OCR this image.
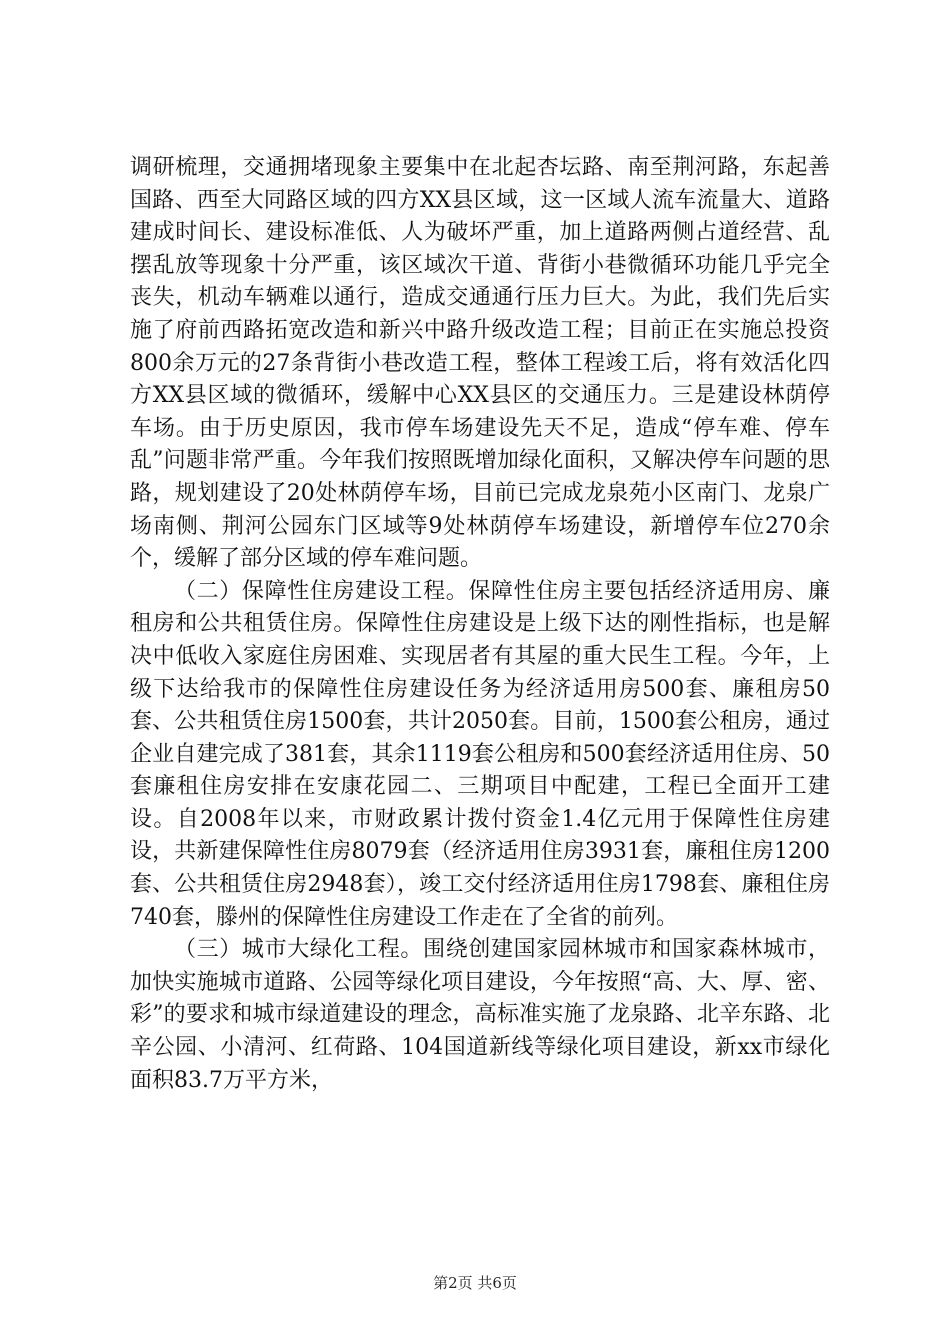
调研梳理，交通拥堵现象主要集中在北起杏坛路、南至荆河路，东起善国路、西至大同路区域的四方XX县区域，这一区域人流车流量大、道路建成时间长、建设标准低、人为破坏严重，加上道路两侧占道经营、乱摆乱放等现象十分严重，该区域次干道、背街小巷微循环功能几乎完全丧失，机动车辆难以通行，造成交通通行压力巨大。为此，我们先后实施了府前西路拓宽改造和新兴中路升级改造工程；目前正在实施总投资800余万元的27条背街小巷改造工程，整体工程竣工后，将有效活化四方XX县区域的微循环，缓解中心XX县区的交通压力。三是建设林荫停车场。由于历史原因，我市停车场建设先天不足，造成“停车难、停车乱”问题非常严重。今年我们按照既增加绿化面积，又解决停车问题的思路，规划建设了20处林荫停车场，目前已完成龙泉苑小区南门、龙泉广场南侧、荆河公园东门区域等9处林荫停车场建设，新增停车位270余个，缓解了部分区域的停车难问题。

（二）保障性住房建设工程。保障性住房主要包括经济适用房、廉租房和公共租赁住房。保障性住房建设是上级下达的刚性指标，也是解决中低收入家庭住房困难、实现居者有其屋的重大民生工程。今年，上级下达给我市的保障性住房建设任务为经济适用房500套、廉租房50套、公共租赁住房1500套，共计2050套。目前，1500套公租房，通过企业自建完成了381套，其余1119套公租房和500套经济适用住房、50套廉租住房安排在安康花园二、三期项目中配建，工程已全面开工建设。自2008年以来，市财政累计拨付资金1.4亿元用于保障性住房建设，共新建保障性住房8079套（经济适用住房3931套，廉租住房1200套、公共租赁住房2948套），竣工交付经济适用住房1798套、廉租住房740套，滕州的保障性住房建设工作走在了全省的前列。

（三）城市大绿化工程。围绕创建国家园林城市和国家森林城市，加快实施城市道路、公园等绿化项目建设，今年按照“高、大、厚、密、彩”的要求和城市绿道建设的理念，高标准实施了龙泉路、北辛东路、北辛公园、小清河、红荷路、104国道新线等绿化项目建设，新xx市绿化面积83.7万平方米，

第2页 共6页
